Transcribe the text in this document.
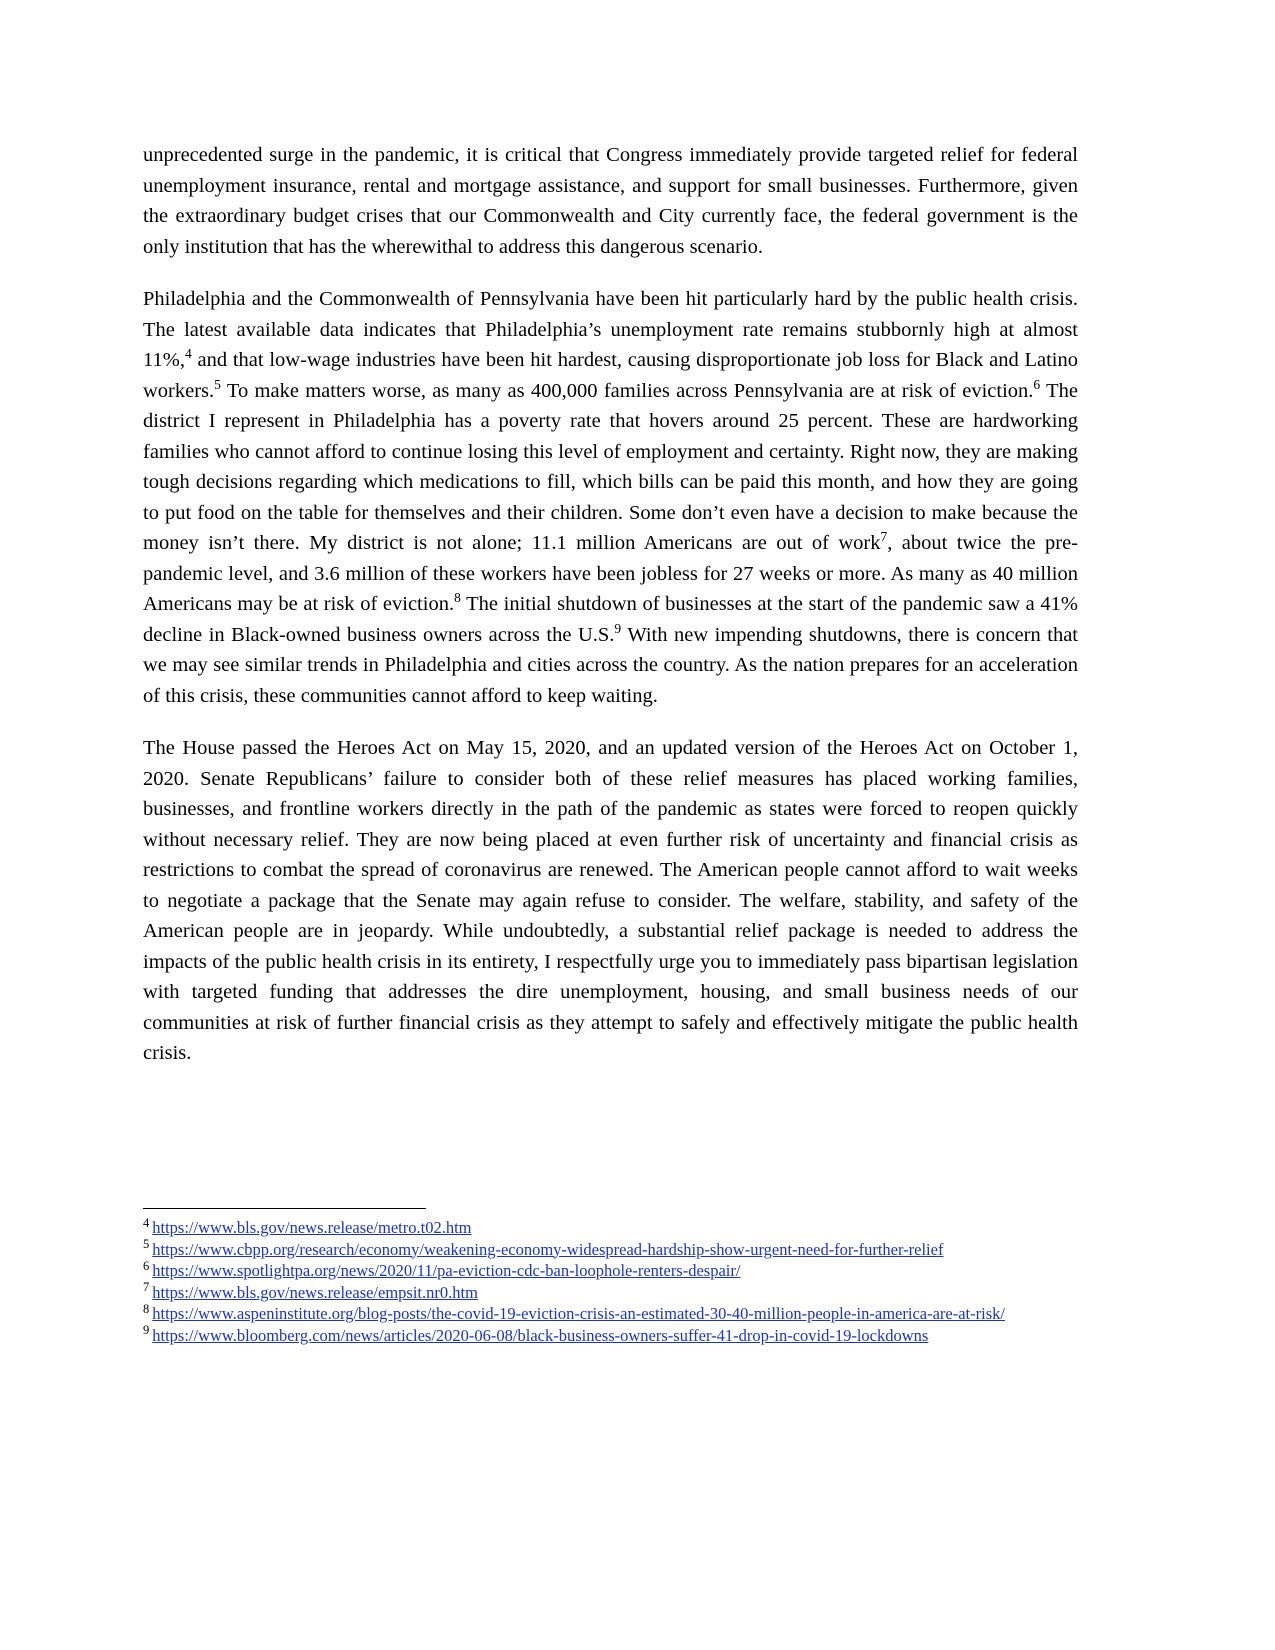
unprecedented surge in the pandemic, it is critical that Congress immediately provide targeted relief for federal unemployment insurance, rental and mortgage assistance, and support for small businesses. Furthermore, given the extraordinary budget crises that our Commonwealth and City currently face, the federal government is the only institution that has the wherewithal to address this dangerous scenario.

Philadelphia and the Commonwealth of Pennsylvania have been hit particularly hard by the public health crisis. The latest available data indicates that Philadelphia’s unemployment rate remains stubbornly high at almost 11%,$^4$ and that low-wage industries have been hit hardest, causing disproportionate job loss for Black and Latino workers.$^5$ To make matters worse, as many as 400,000 families across Pennsylvania are at risk of eviction.$^6$ The district I represent in Philadelphia has a poverty rate that hovers around 25 percent. These are hardworking families who cannot afford to continue losing this level of employment and certainty. Right now, they are making tough decisions regarding which medications to fill, which bills can be paid this month, and how they are going to put food on the table for themselves and their children. Some don’t even have a decision to make because the money isn’t there. My district is not alone; 11.1 million Americans are out of work$^7$, about twice the pre-pandemic level, and 3.6 million of these workers have been jobless for 27 weeks or more. As many as 40 million Americans may be at risk of eviction.$^8$ The initial shutdown of businesses at the start of the pandemic saw a 41% decline in Black-owned business owners across the U.S.$^9$ With new impending shutdowns, there is concern that we may see similar trends in Philadelphia and cities across the country. As the nation prepares for an acceleration of this crisis, these communities cannot afford to keep waiting.

The House passed the Heroes Act on May 15, 2020, and an updated version of the Heroes Act on October 1, 2020. Senate Republicans’ failure to consider both of these relief measures has placed working families, businesses, and frontline workers directly in the path of the pandemic as states were forced to reopen quickly without necessary relief. They are now being placed at even further risk of uncertainty and financial crisis as restrictions to combat the spread of coronavirus are renewed. The American people cannot afford to wait weeks to negotiate a package that the Senate may again refuse to consider. The welfare, stability, and safety of the American people are in jeopardy. While undoubtedly, a substantial relief package is needed to address the impacts of the public health crisis in its entirety, I respectfully urge you to immediately pass bipartisan legislation with targeted funding that addresses the dire unemployment, housing, and small business needs of our communities at risk of further financial crisis as they attempt to safely and effectively mitigate the public health crisis.

$^4$ https://www.bls.gov/news.release/metro.t02.htm

$^5$ https://www.cbpp.org/research/economy/weakening-economy-widespread-hardship-show-urgent-need-for-further-relief

$^6$ https://www.spotlightpa.org/news/2020/11/pa-eviction-cdc-ban-loophole-renters-despair/

$^7$ https://www.bls.gov/news.release/empsit.nr0.htm

$^8$ https://www.aspeninstitute.org/blog-posts/the-covid-19-eviction-crisis-an-estimated-30-40-million-people-in-america-are-at-risk/

$^9$ https://www.bloomberg.com/news/articles/2020-06-08/black-business-owners-suffer-41-drop-in-covid-19-lockdowns
